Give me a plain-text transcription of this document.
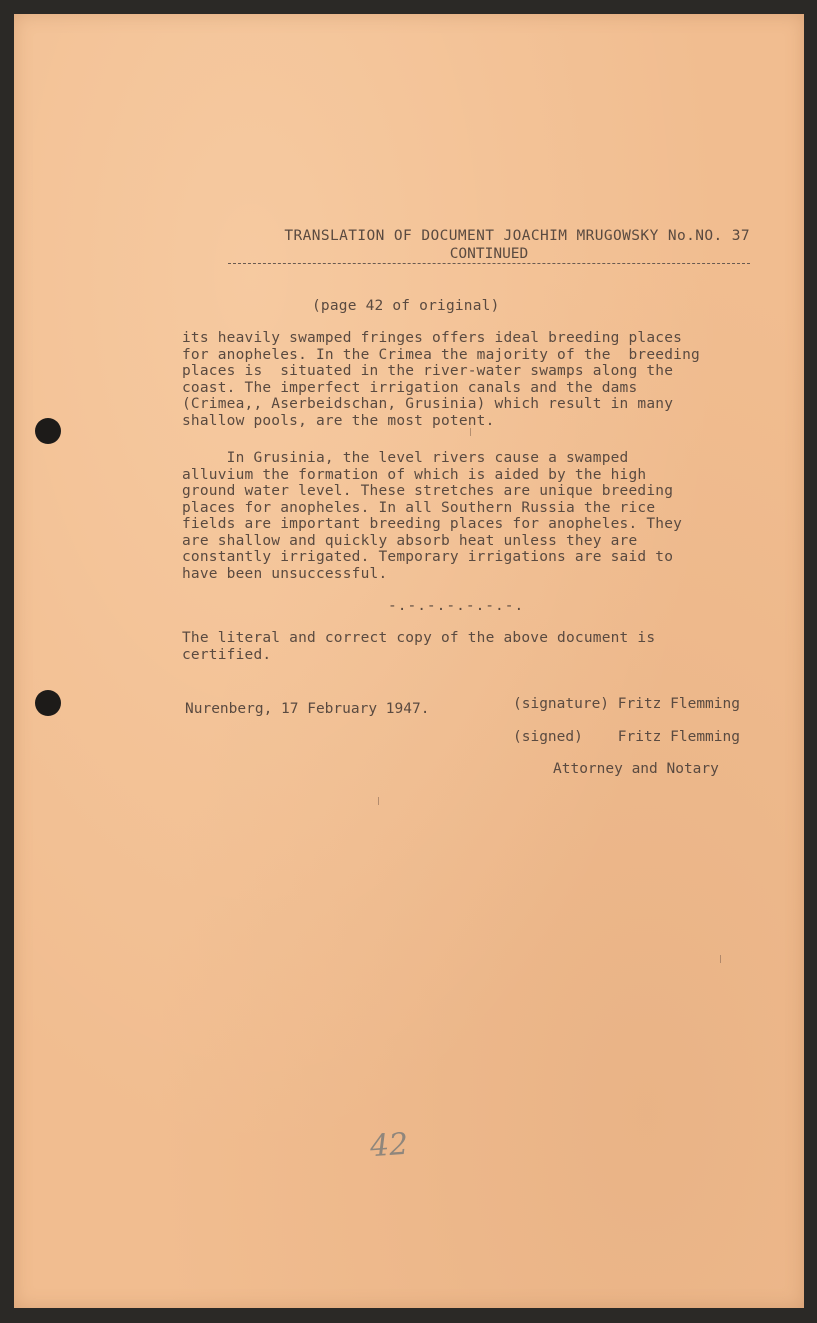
TRANSLATION OF DOCUMENT JOACHIM MRUGOWSKY No.NO. 37
CONTINUED
(page 42 of original)
its heavily swamped fringes offers ideal breeding places
for anopheles. In the Crimea the majority of the  breeding
places is  situated in the river-water swamps along the
coast. The imperfect irrigation canals and the dams
(Crimea,, Aserbeidschan, Grusinia) which result in many
shallow pools, are the most potent.
In Grusinia, the level rivers cause a swamped
alluvium the formation of which is aided by the high
ground water level. These stretches are unique breeding
places for anopheles. In all Southern Russia the rice
fields are important breeding places for anopheles. They
are shallow and quickly absorb heat unless they are
constantly irrigated. Temporary irrigations are said to
have been unsuccessful.
-.-.-.-.-.-.-.
The literal and correct copy of the above document is
certified.
Nurenberg, 17 February 1947.	(signature) Fritz Flemming
(signed)    Fritz Flemming
Attorney and Notary
42
